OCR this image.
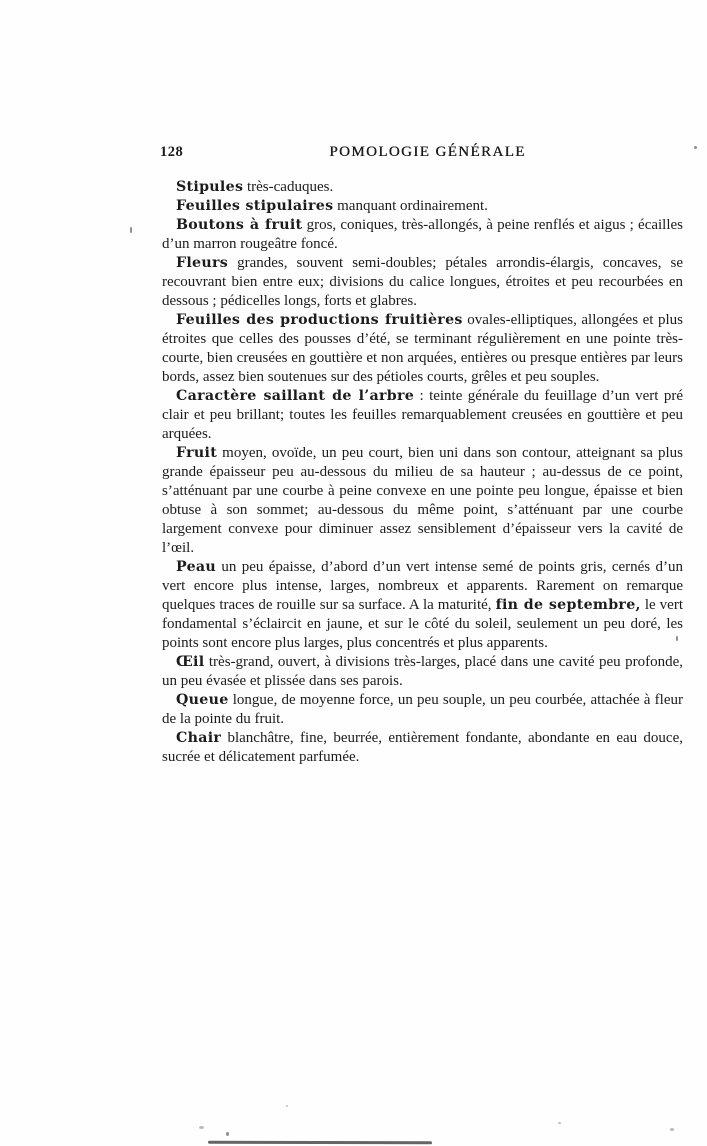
128	POMOLOGIE GÉNÉRALE

Stipules très-caduques.

Feuilles stipulaires manquant ordinairement.

Boutons à fruit gros, coniques, très-allongés, à peine renflés et aigus ; écailles d’un marron rougeâtre foncé.

Fleurs grandes, souvent semi-doubles; pétales arrondis-élargis, concaves, se recouvrant bien entre eux; divisions du calice longues, étroites et peu recourbées en dessous ; pédicelles longs, forts et glabres.

Feuilles des productions fruitières ovales-elliptiques, allongées et plus étroites que celles des pousses d’été, se terminant régulièrement en une pointe très-courte, bien creusées en gouttière et non arquées, entières ou presque entières par leurs bords, assez bien soutenues sur des pétioles courts, grêles et peu souples.

Caractère saillant de l’arbre : teinte générale du feuillage d’un vert pré clair et peu brillant; toutes les feuilles remarquablement creusées en gouttière et peu arquées.

Fruit moyen, ovoïde, un peu court, bien uni dans son contour, atteignant sa plus grande épaisseur peu au-dessous du milieu de sa hauteur ; au-dessus de ce point, s’atténuant par une courbe à peine convexe en une pointe peu longue, épaisse et bien obtuse à son sommet; au-dessous du même point, s’atténuant par une courbe largement convexe pour diminuer assez sensiblement d’épaisseur vers la cavité de l’œil.

Peau un peu épaisse, d’abord d’un vert intense semé de points gris, cernés d’un vert encore plus intense, larges, nombreux et apparents. Rarement on remarque quelques traces de rouille sur sa surface. A la maturité, fin de septembre, le vert fondamental s’éclaircit en jaune, et sur le côté du soleil, seulement un peu doré, les points sont encore plus larges, plus concentrés et plus apparents.

Œil très-grand, ouvert, à divisions très-larges, placé dans une cavité peu profonde, un peu évasée et plissée dans ses parois.

Queue longue, de moyenne force, un peu souple, un peu courbée, attachée à fleur de la pointe du fruit.

Chair blanchâtre, fine, beurrée, entièrement fondante, abondante en eau douce, sucrée et délicatement parfumée.
